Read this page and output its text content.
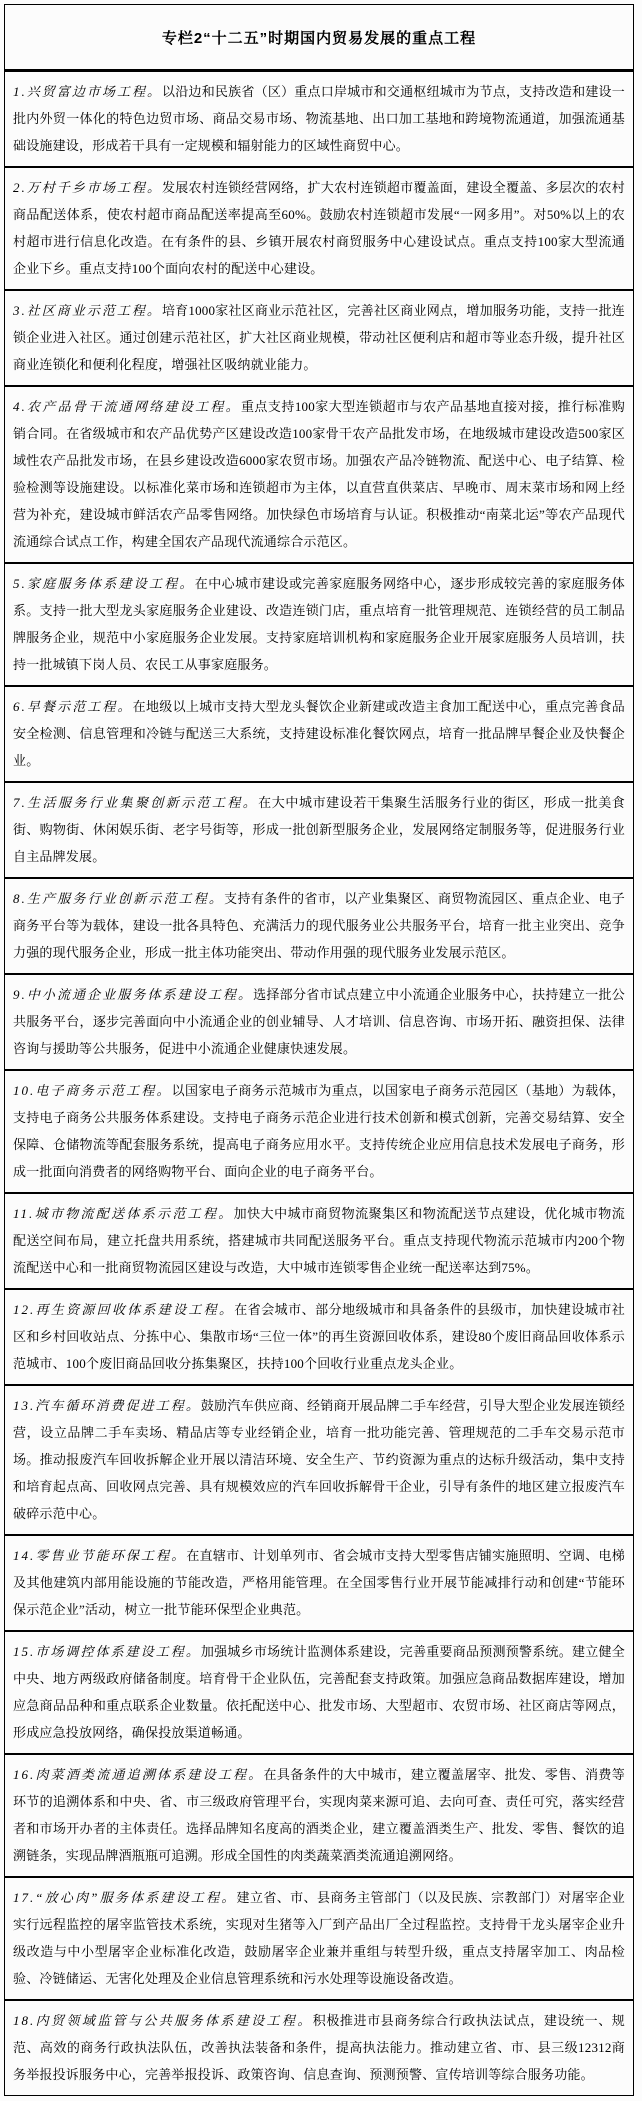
专栏2“十二五”时期国内贸易发展的重点工程
1.兴贸富边市场工程。以沿边和民族省（区）重点口岸城市和交通枢纽城市为节点，支持改造和建设一批内外贸一体化的特色边贸市场、商品交易市场、物流基地、出口加工基地和跨境物流通道，加强流通基础设施建设，形成若干具有一定规模和辐射能力的区域性商贸中心。
2.万村千乡市场工程。发展农村连锁经营网络，扩大农村连锁超市覆盖面，建设全覆盖、多层次的农村商品配送体系，使农村超市商品配送率提高至60%。鼓励农村连锁超市发展“一网多用”。对50%以上的农村超市进行信息化改造。在有条件的县、乡镇开展农村商贸服务中心建设试点。重点支持100家大型流通企业下乡。重点支持100个面向农村的配送中心建设。
3.社区商业示范工程。培育1000家社区商业示范社区，完善社区商业网点，增加服务功能，支持一批连锁企业进入社区。通过创建示范社区，扩大社区商业规模，带动社区便利店和超市等业态升级，提升社区商业连锁化和便利化程度，增强社区吸纳就业能力。
4.农产品骨干流通网络建设工程。重点支持100家大型连锁超市与农产品基地直接对接，推行标准购销合同。在省级城市和农产品优势产区建设改造100家骨干农产品批发市场，在地级城市建设改造500家区域性农产品批发市场，在县乡建设改造6000家农贸市场。加强农产品冷链物流、配送中心、电子结算、检验检测等设施建设。以标准化菜市场和连锁超市为主体，以直营直供菜店、早晚市、周末菜市场和网上经营为补充，建设城市鲜活农产品零售网络。加快绿色市场培育与认证。积极推动“南菜北运”等农产品现代流通综合试点工作，构建全国农产品现代流通综合示范区。
5.家庭服务体系建设工程。在中心城市建设或完善家庭服务网络中心，逐步形成较完善的家庭服务体系。支持一批大型龙头家庭服务企业建设、改造连锁门店，重点培育一批管理规范、连锁经营的员工制品牌服务企业，规范中小家庭服务企业发展。支持家庭培训机构和家庭服务企业开展家庭服务人员培训，扶持一批城镇下岗人员、农民工从事家庭服务。
6.早餐示范工程。在地级以上城市支持大型龙头餐饮企业新建或改造主食加工配送中心，重点完善食品安全检测、信息管理和冷链与配送三大系统，支持建设标准化餐饮网点，培育一批品牌早餐企业及快餐企业。
7.生活服务行业集聚创新示范工程。在大中城市建设若干集聚生活服务行业的街区，形成一批美食街、购物街、休闲娱乐街、老字号街等，形成一批创新型服务企业，发展网络定制服务等，促进服务行业自主品牌发展。
8.生产服务行业创新示范工程。支持有条件的省市，以产业集聚区、商贸物流园区、重点企业、电子商务平台等为载体，建设一批各具特色、充满活力的现代服务业公共服务平台，培育一批主业突出、竞争力强的现代服务企业，形成一批主体功能突出、带动作用强的现代服务业发展示范区。
9.中小流通企业服务体系建设工程。选择部分省市试点建立中小流通企业服务中心，扶持建立一批公共服务平台，逐步完善面向中小流通企业的创业辅导、人才培训、信息咨询、市场开拓、融资担保、法律咨询与援助等公共服务，促进中小流通企业健康快速发展。
10.电子商务示范工程。以国家电子商务示范城市为重点，以国家电子商务示范园区（基地）为载体，支持电子商务公共服务体系建设。支持电子商务示范企业进行技术创新和模式创新，完善交易结算、安全保障、仓储物流等配套服务系统，提高电子商务应用水平。支持传统企业应用信息技术发展电子商务，形成一批面向消费者的网络购物平台、面向企业的电子商务平台。
11.城市物流配送体系示范工程。加快大中城市商贸物流聚集区和物流配送节点建设，优化城市物流配送空间布局，建立托盘共用系统，搭建城市共同配送服务平台。重点支持现代物流示范城市内200个物流配送中心和一批商贸物流园区建设与改造，大中城市连锁零售企业统一配送率达到75%。
12.再生资源回收体系建设工程。在省会城市、部分地级城市和具备条件的县级市，加快建设城市社区和乡村回收站点、分拣中心、集散市场“三位一体”的再生资源回收体系，建设80个废旧商品回收体系示范城市、100个废旧商品回收分拣集聚区，扶持100个回收行业重点龙头企业。
13.汽车循环消费促进工程。鼓励汽车供应商、经销商开展品牌二手车经营，引导大型企业发展连锁经营，设立品牌二手车卖场、精品店等专业经销企业，培育一批功能完善、管理规范的二手车交易示范市场。推动报废汽车回收拆解企业开展以清洁环境、安全生产、节约资源为重点的达标升级活动，集中支持和培育起点高、回收网点完善、具有规模效应的汽车回收拆解骨干企业，引导有条件的地区建立报废汽车破碎示范中心。
14.零售业节能环保工程。在直辖市、计划单列市、省会城市支持大型零售店铺实施照明、空调、电梯及其他建筑内部用能设施的节能改造，严格用能管理。在全国零售行业开展节能减排行动和创建“节能环保示范企业”活动，树立一批节能环保型企业典范。
15.市场调控体系建设工程。加强城乡市场统计监测体系建设，完善重要商品预测预警系统。建立健全中央、地方两级政府储备制度。培育骨干企业队伍，完善配套支持政策。加强应急商品数据库建设，增加应急商品品种和重点联系企业数量。依托配送中心、批发市场、大型超市、农贸市场、社区商店等网点，形成应急投放网络，确保投放渠道畅通。
16.肉菜酒类流通追溯体系建设工程。在具备条件的大中城市，建立覆盖屠宰、批发、零售、消费等环节的追溯体系和中央、省、市三级政府管理平台，实现肉菜来源可追、去向可查、责任可究，落实经营者和市场开办者的主体责任。选择品牌知名度高的酒类企业，建立覆盖酒类生产、批发、零售、餐饮的追溯链条，实现品牌酒瓶瓶可追溯。形成全国性的肉类蔬菜酒类流通追溯网络。
17.“放心肉”服务体系建设工程。建立省、市、县商务主管部门（以及民族、宗教部门）对屠宰企业实行远程监控的屠宰监管技术系统，实现对生猪等入厂到产品出厂全过程监控。支持骨干龙头屠宰企业升级改造与中小型屠宰企业标准化改造，鼓励屠宰企业兼并重组与转型升级，重点支持屠宰加工、肉品检验、冷链储运、无害化处理及企业信息管理系统和污水处理等设施设备改造。
18.内贸领域监管与公共服务体系建设工程。积极推进市县商务综合行政执法试点，建设统一、规范、高效的商务行政执法队伍，改善执法装备和条件，提高执法能力。推动建立省、市、县三级12312商务举报投诉服务中心，完善举报投诉、政策咨询、信息查询、预测预警、宣传培训等综合服务功能。
